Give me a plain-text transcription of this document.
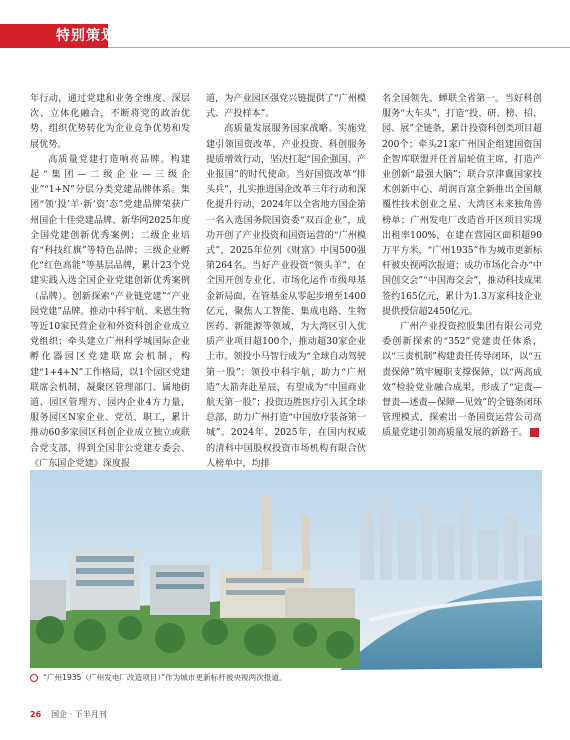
特别策划

年行动，通过党建和业务全维度、深层次、立体化融合，不断将党的政治优势、组织优势转化为企业竞争优势和发展优势。

高质量党建打造响亮品牌。构建起“集团—二级企业—三级企业”“1+N”分层分类党建品牌体系。集团“领‘投’羊·新‘资’态”党建品牌荣获广州国企十佳党建品牌、新华网2025年度全国党建创新优秀案例；二级企业培育“科技红旗”等特色品牌；三级企业孵化“红色高能”等基层品牌，累计23个党建实践入选全国企业党建创新优秀案例（品牌）。创新探索“产业链党建”“产业园党建”品牌。推动中科宇航、来恩生物等近10家民营企业和外资科创企业成立党组织；牵头建立广州科学城国际企业孵化器园区党建联席会机制，构建“1+4+N”工作格局，以1个园区党建联席会机制，凝聚区管理部门、属地街道、园区管理方、园内企业4方力量，服务园区N家企业、党员、职工，累计推动60多家园区科创企业成立独立或联合党支部，得到全国非公党建专委会、《广东国企党建》深度报

道，为产业园区强党兴链提供了“广州模式、产投样本”。

高质量发展服务国家战略。实施党建引领国资改革、产业投资、科创服务提质增效行动，坚决扛起“国企强国、产业报国”的时代使命。当好国资改革“排头兵”，扎实推进国企改革三年行动和深化提升行动，2024年以全省地方国企第一名入选国务院国资委“双百企业”，成功开创了产业投资和国资运营的“广州模式”，2025年位列《财富》中国500强第264名。当好产业投资“领头羊”，在全国开创专业化、市场化运作市级母基金新局面，在管基金从零起步增至1400亿元，聚焦人工智能、集成电路、生物医药、新能源等领域，为大湾区引入优质产业项目超100个，推动超30家企业上市。领投小马智行成为“全球自动驾驶第一股”；领投中科宇航，助力“广州造”大箭奔赴星辰，有望成为“中国商业航天第一股”；投资迈胜医疗引入其全球总部，助力广州打造“中国放疗装备第一城”。2024年、2025年，在国内权威的清科中国股权投资市场机构有限合伙人榜单中，均排

名全国领先、蝉联全省第一。当好科创服务“大车头”，打造“投、研、榜、招、园、展”全链条，累计投资科创类项目超200个；牵头21家广州国企组建国资国企智库联盟并任首届轮值主席，打造产业创新“最强大脑”；联合京津冀国家技术创新中心、胡润百富全新推出全国颠覆性技术创业之星、大湾区未来独角兽榜单；广州发电厂改造首开区项目实现出租率100%，在建在营园区面积超90万平方米，“广州1935”作为城市更新标杆被央视两次报道；成功市场化合办“中国创交会”“中国海交会”，推动科技成果签约165亿元，累计为1.3万家科技企业提供授信超2450亿元。

广州产业投资控股集团有限公司党委创新探索的“352”党建责任体系，以“三责机制”构建责任传导闭环，以“五责保障”筑牢履职支撑保障，以“两高成效”检验党业融合成果，形成了“定责—督责—述责—保障—见效”的全链条闭环管理模式，探索出一条国资运营公司高质量党建引领高质量发展的新路子。	▲

“广州1935（广州发电厂改造项目）”作为城市更新标杆被央视两次报道。
26 国企 · 下半月刊
